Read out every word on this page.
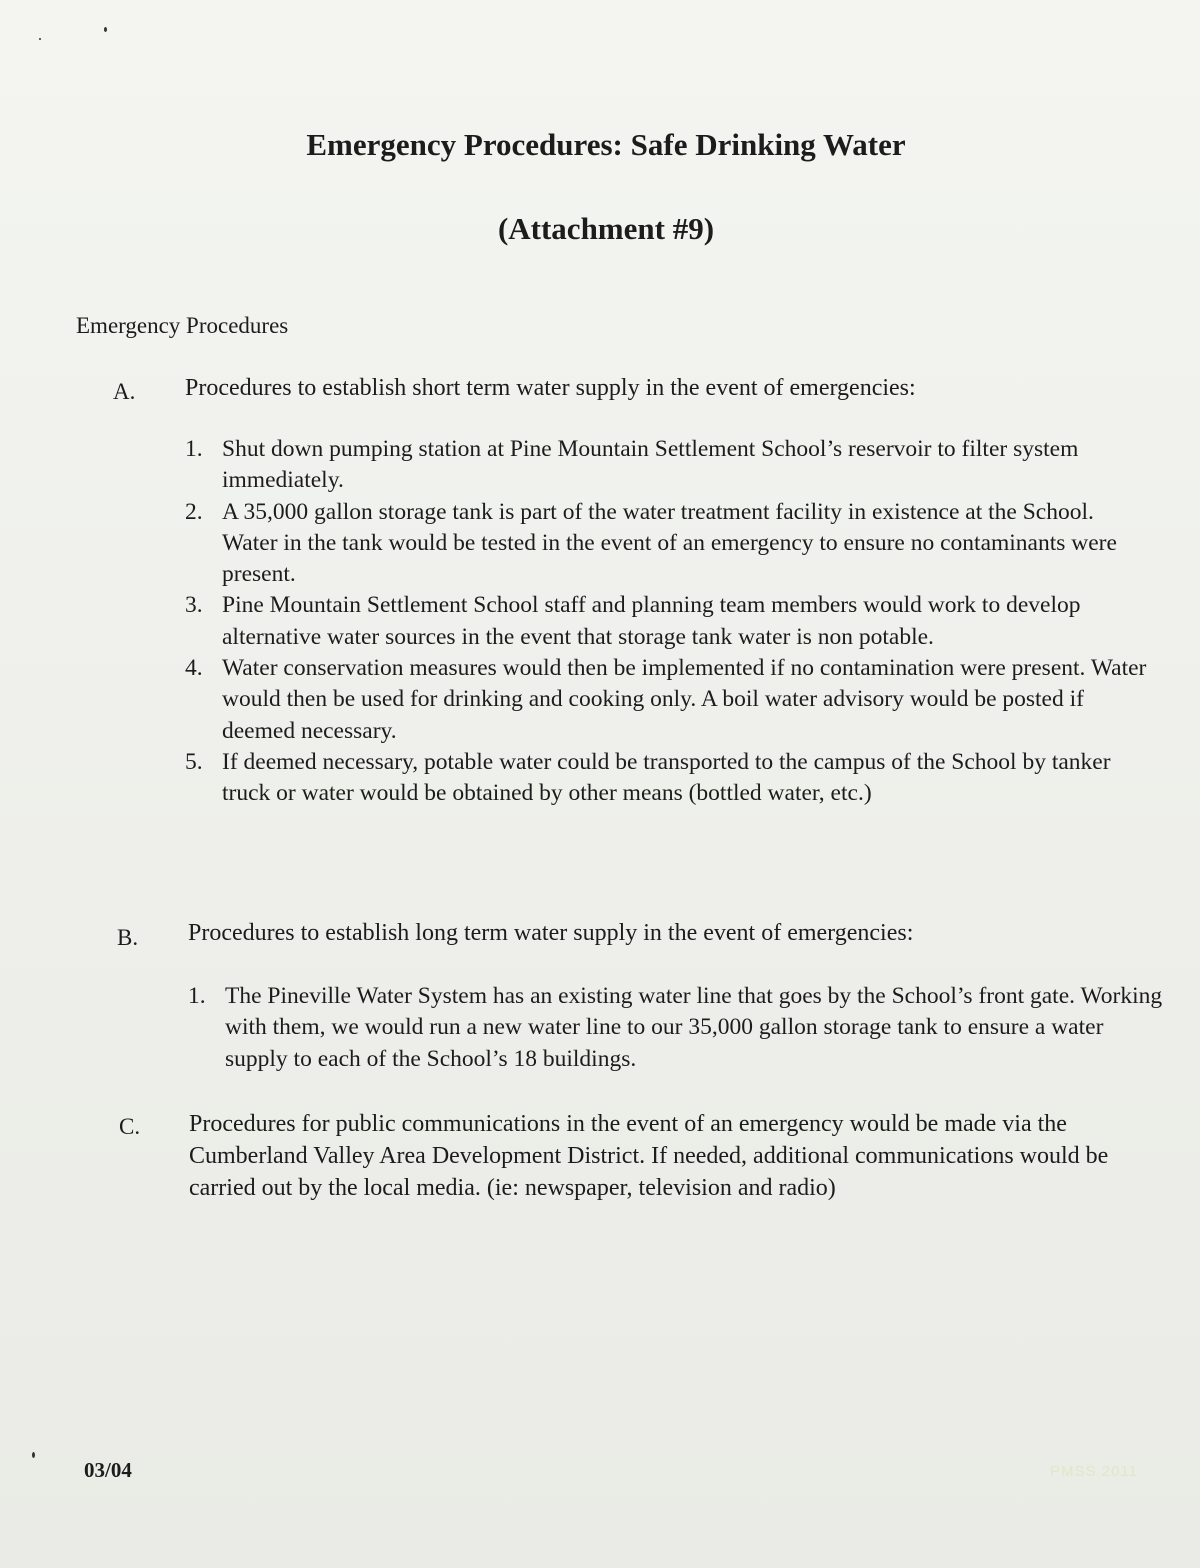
Emergency Procedures: Safe Drinking Water
(Attachment #9)

Emergency Procedures

A. Procedures to establish short term water supply in the event of emergencies:

1. Shut down pumping station at Pine Mountain Settlement School’s reservoir to filter system immediately.
2. A 35,000 gallon storage tank is part of the water treatment facility in existence at the School. Water in the tank would be tested in the event of an emergency to ensure no contaminants were present.
3. Pine Mountain Settlement School staff and planning team members would work to develop alternative water sources in the event that storage tank water is non potable.
4. Water conservation measures would then be implemented if no contamination were present. Water would then be used for drinking and cooking only. A boil water advisory would be posted if deemed necessary.
5. If deemed necessary, potable water could be transported to the campus of the School by tanker truck or water would be obtained by other means (bottled water, etc.)
B. Procedures to establish long term water supply in the event of emergencies:

1. The Pineville Water System has an existing water line that goes by the School’s front gate. Working with them, we would run a new water line to our 35,000 gallon storage tank to ensure a water supply to each of the School’s 18 buildings.
C. Procedures for public communications in the event of an emergency would be made via the Cumberland Valley Area Development District. If needed, additional communications would be carried out by the local media. (ie: newspaper, television and radio)

03/04	PMSS 2011
